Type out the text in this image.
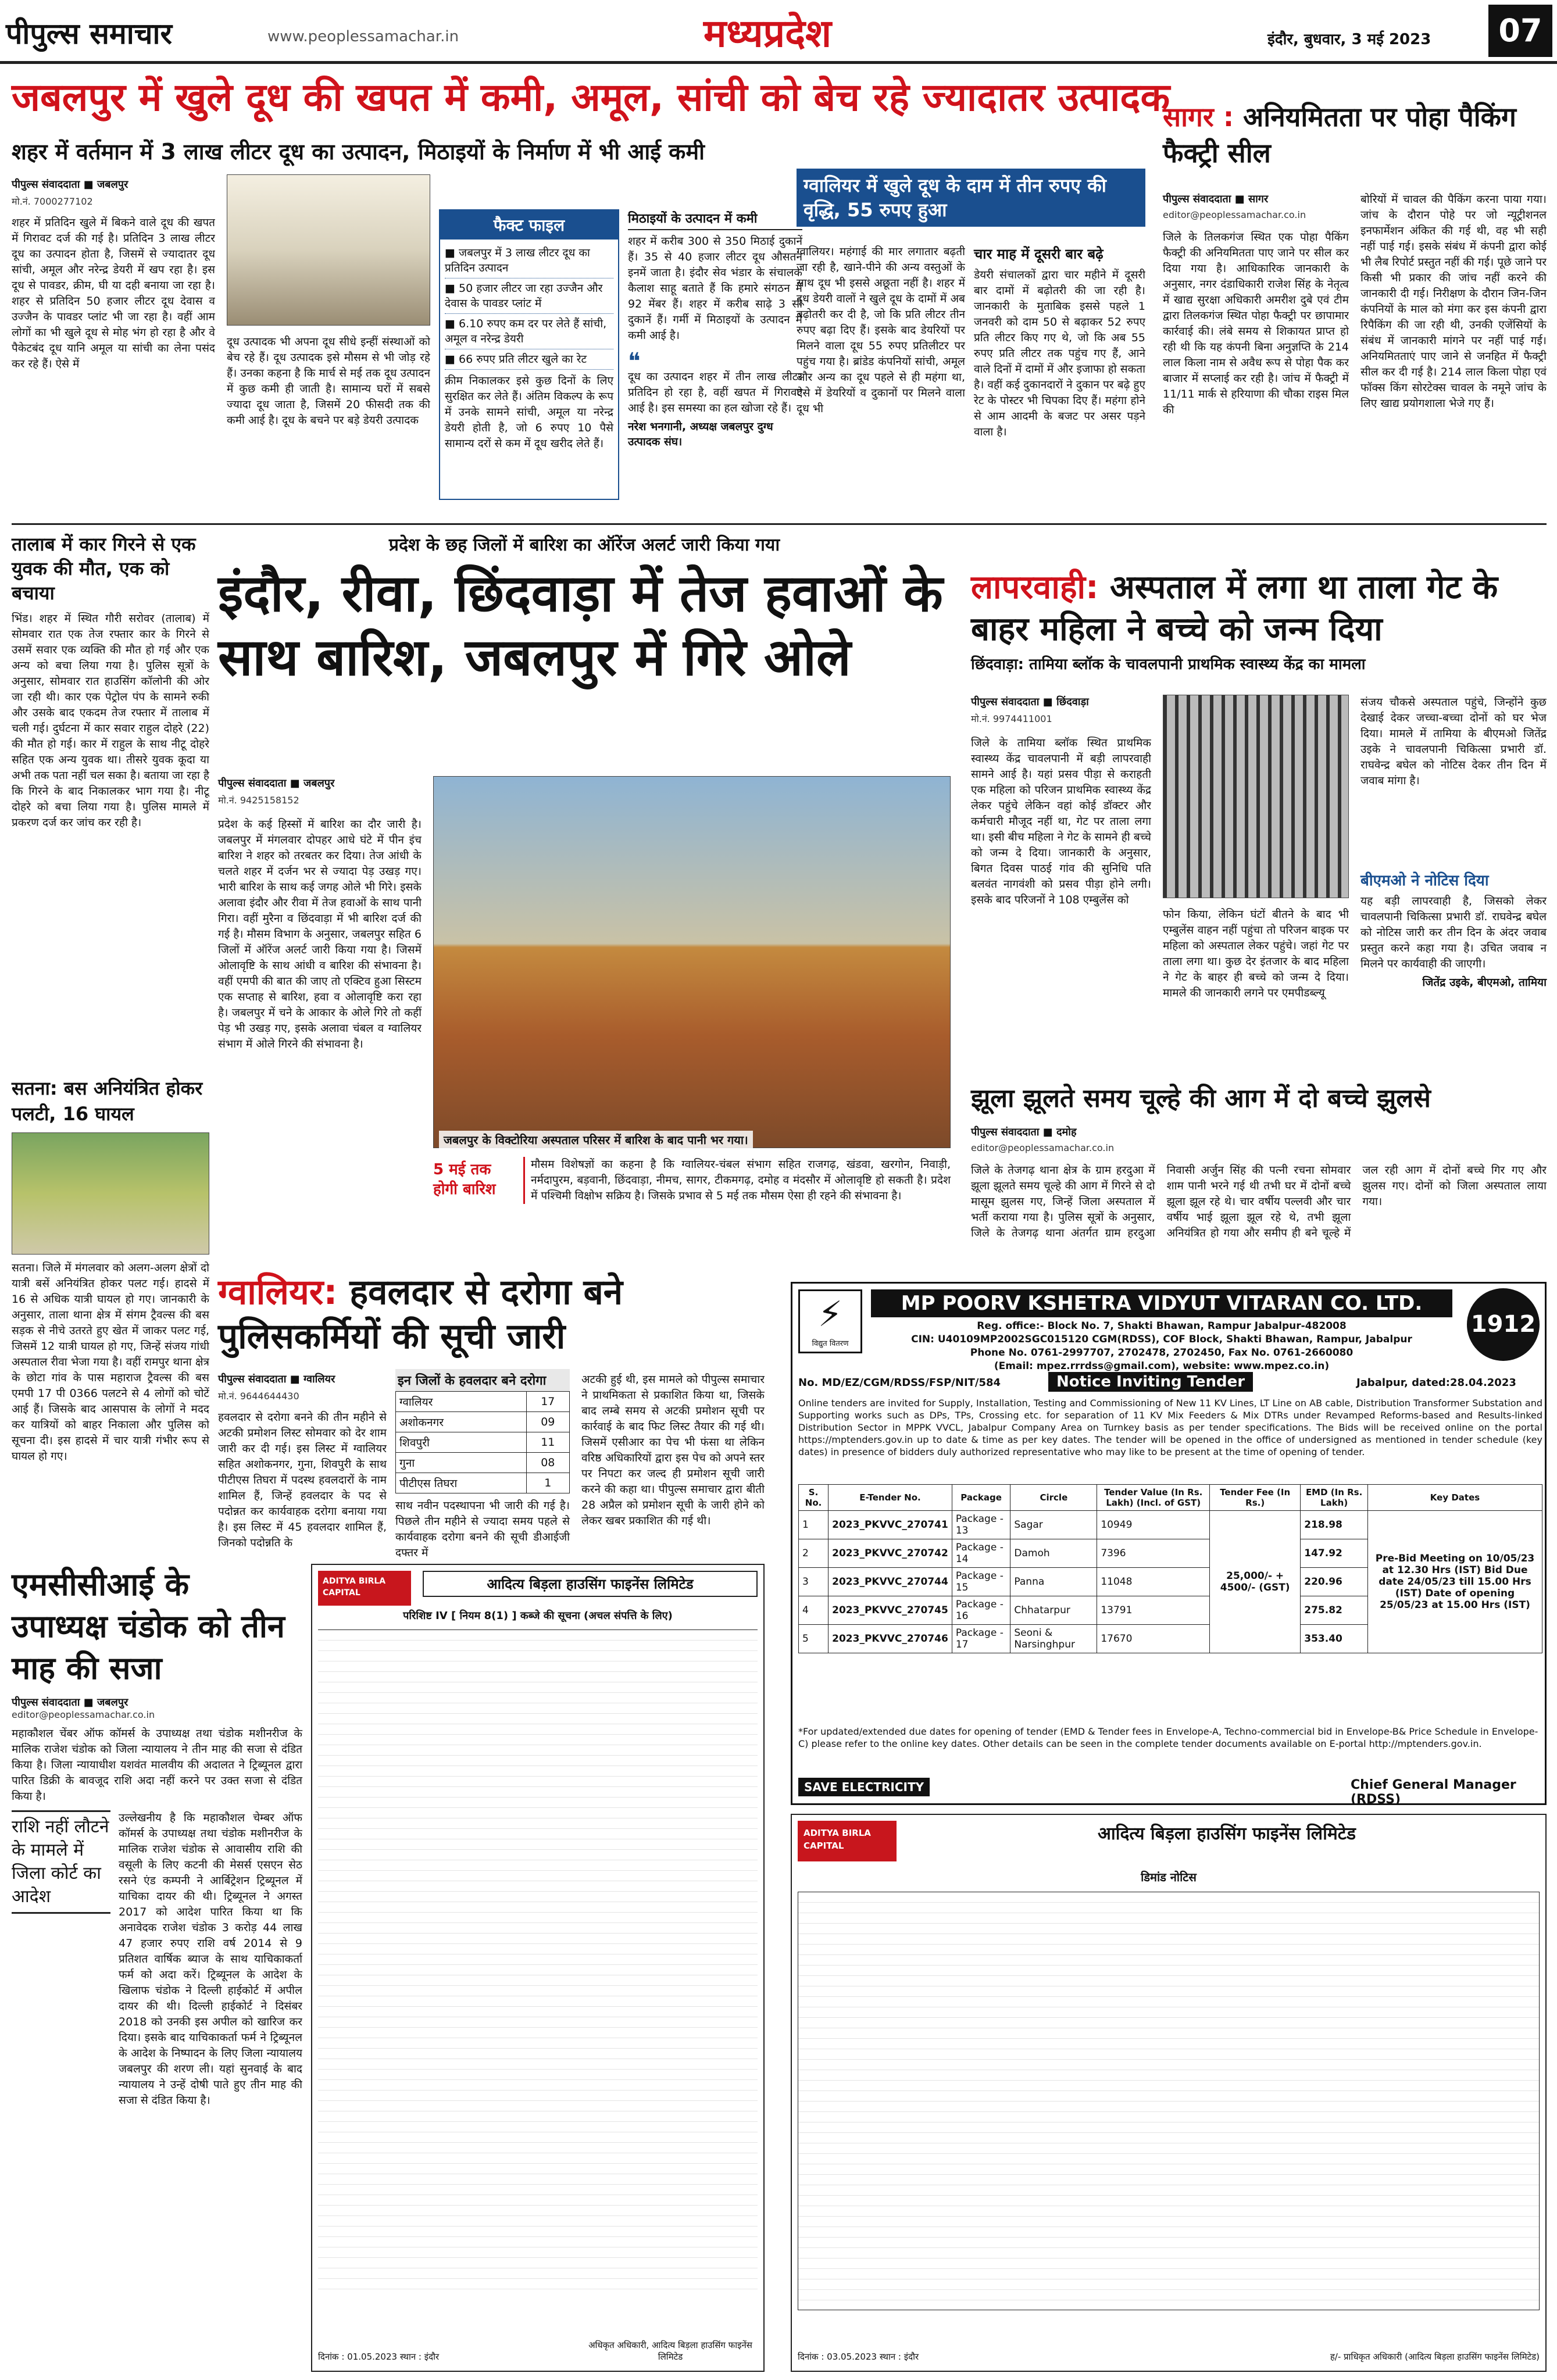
पीपुल्स समाचार	www.peoplessamachar.in	मध्यप्रदेश	इंदौर, बुधवार, 3 मई 2023	07
जबलपुर में खुले दूध की खपत में कमी, अमूल, सांची को बेच रहे ज्यादातर उत्पादक
शहर में वर्तमान में 3 लाख लीटर दूध का उत्पादन, मिठाइयों के निर्माण में भी आई कमी
पीपुल्स संवाददाता ■ जबलपुर
मो.नं. 7000277102
शहर में प्रतिदिन खुले में बिकने वाले दूध की खपत में गिरावट दर्ज की गई है। प्रतिदिन 3 लाख लीटर दूध का उत्पादन होता है, जिसमें से ज्यादातर दूध सांची, अमूल और नरेन्द्र डेयरी में खप रहा है। इस दूध से पावडर, क्रीम, घी या दही बनाया जा रहा है। शहर से प्रतिदिन 50 हजार लीटर दूध देवास व उज्जैन के पावडर प्लांट भी जा रहा है। वहीं आम लोगों का भी खुले दूध से मोह भंग हो रहा है और वे पैकेटबंद दूध यानि अमूल या सांची का लेना पसंद कर रहे हैं। ऐसे में
दूध उत्पादक भी अपना दूध सीधे इन्हीं संस्थाओं को बेच रहे हैं। दूध उत्पादक इसे मौसम से भी जोड़ रहे हैं। उनका कहना है कि मार्च से मई तक दूध उत्पादन में कुछ कमी ही जाती है। सामान्य घरों में सबसे ज्यादा दूध जाता है, जिसमें 20 फीसदी तक की कमी आई है। दूध के बचने पर बड़े डेयरी उत्पादक
फैक्ट फाइल
■ जबलपुर में 3 लाख लीटर दूध का प्रतिदिन उत्पादन
■ 50 हजार लीटर जा रहा उज्जैन और देवास के पावडर प्लांट में
■ 6.10 रुपए कम दर पर लेते हैं सांची, अमूल व नरेन्द्र डेयरी
■ 66 रुपए प्रति लीटर खुले का रेट
क्रीम निकालकर इसे कुछ दिनों के लिए सुरक्षित कर लेते हैं। अंतिम विकल्प के रूप में उनके सामने सांची, अमूल या नरेन्द्र डेयरी होती है, जो 6 रुपए 10 पैसे सामान्य दरों से कम में दूध खरीद लेते हैं।
मिठाइयों के उत्पादन में कमी
शहर में करीब 300 से 350 मिठाई दुकानें हैं। 35 से 40 हजार लीटर दूध औसतन इनमें जाता है। इंदौर सेव भंडार के संचालक कैलाश साहू बताते हैं कि हमारे संगठन में 92 मेंबर हैं। शहर में करीब साढ़े 3 सौ दुकानें हैं। गर्मी में मिठाइयों के उत्पादन में कमी आई है।
❝
दूध का उत्पादन शहर में तीन लाख लीटर प्रतिदिन हो रहा है, वहीं खपत में गिरावट आई है। इस समस्या का हल खोजा रहे हैं।
नरेश भनगानी, अध्यक्ष जबलपुर दुग्ध उत्पादक संघ।
ग्वालियर में खुले दूध के दाम में तीन रुपए की वृद्धि, 55 रुपए हुआ
ग्वालियर। महंगाई की मार लगातार बढ़ती जा रही है, खाने-पीने की अन्य वस्तुओं के साथ दूध भी इससे अछूता नहीं है। शहर में दूध डेयरी वालों ने खुले दूध के दामों में अब बढ़ोतरी कर दी है, जो कि प्रति लीटर तीन रुपए बढ़ा दिए हैं। इसके बाद डेयरियों पर मिलने वाला दूध 55 रुपए प्रतिलीटर पर पहुंच गया है। ब्रांडेड कंपनियों सांची, अमूल और अन्य का दूध पहले से ही महंगा था, ऐसे में डेयरियों व दुकानों पर मिलने वाला दूध भी
चार माह में दूसरी बार बढ़े
डेयरी संचालकों द्वारा चार महीने में दूसरी बार दामों में बढ़ोतरी की जा रही है। जानकारी के मुताबिक इससे पहले 1 जनवरी को दाम 50 से बढ़ाकर 52 रुपए प्रति लीटर किए गए थे, जो कि अब 55 रुपए प्रति लीटर तक पहुंच गए हैं, आने वाले दिनों में दामों में और इजाफा हो सकता है। वहीं कई दुकानदारों ने दुकान पर बढ़े हुए रेट के पोस्टर भी चिपका दिए हैं। महंगा होने से आम आदमी के बजट पर असर पड़ने वाला है।
सागर : अनियमितता पर पोहा पैकिंग फैक्ट्री सील
पीपुल्स संवाददाता ■ सागर
editor@peoplessamachar.co.in
जिले के तिलकगंज स्थित एक पोहा पैकिंग फैक्ट्री की अनियमितता पाए जाने पर सील कर दिया गया है। आधिकारिक जानकारी के अनुसार, नगर दंडाधिकारी राजेश सिंह के नेतृत्व में खाद्य सुरक्षा अधिकारी अमरीश दुबे एवं टीम द्वारा तिलकगंज स्थित पोहा फैक्ट्री पर छापामार कार्रवाई की। लंबे समय से शिकायत प्राप्त हो रही थी कि यह कंपनी बिना अनुज्ञप्ति के 214 लाल किला नाम से अवैध रूप से पोहा पैक कर बाजार में सप्लाई कर रही है। जांच में फैक्ट्री में 11/11 मार्क से हरियाणा की चौका राइस मिल की
बोरियों में चावल की पैकिंग करना पाया गया। जांच के दौरान पोहे पर जो न्यूट्रीशनल इनफार्मेशन अंकित की गई थी, वह भी सही नहीं पाई गई। इसके संबंध में कंपनी द्वारा कोई भी लैब रिपोर्ट प्रस्तुत नहीं की गई। पूछे जाने पर किसी भी प्रकार की जांच नहीं करने की जानकारी दी गई। निरीक्षण के दौरान जिन-जिन कंपनियों के माल को मंगा कर इस कंपनी द्वारा रिपैकिंग की जा रही थी, उनकी एजेंसियों के संबंध में जानकारी मांगने पर नहीं पाई गई। अनियमितताएं पाए जाने से जनहित में फैक्ट्री सील कर दी गई है। 214 लाल किला पोहा एवं फॉक्स किंग सोरटेक्स चावल के नमूने जांच के लिए खाद्य प्रयोगशाला भेजे गए हैं।
तालाब में कार गिरने से एक युवक की मौत, एक को बचाया
भिंड। शहर में स्थित गौरी सरोवर (तालाब) में सोमवार रात एक तेज रफ्तार कार के गिरने से उसमें सवार एक व्यक्ति की मौत हो गई और एक अन्य को बचा लिया गया है। पुलिस सूत्रों के अनुसार, सोमवार रात हाउसिंग कॉलोनी की ओर जा रही थी। कार एक पेट्रोल पंप के सामने रुकी और उसके बाद एकदम तेज रफ्तार में तालाब में चली गई। दुर्घटना में कार सवार राहुल दोहरे (22) की मौत हो गई। कार में राहुल के साथ नीटू दोहरे सहित एक अन्य युवक था। तीसरे युवक कूदा या अभी तक पता नहीं चल सका है। बताया जा रहा है कि गिरने के बाद निकालकर भाग गया है। नीटू दोहरे को बचा लिया गया है। पुलिस मामले में प्रकरण दर्ज कर जांच कर रही है।
सतना: बस अनियंत्रित होकर पलटी, 16 घायल
सतना। जिले में मंगलवार को अलग-अलग क्षेत्रों दो यात्री बसें अनियंत्रित होकर पलट गई। हादसे में 16 से अधिक यात्री घायल हो गए। जानकारी के अनुसार, ताला थाना क्षेत्र में संगम ट्रैवल्स की बस सड़क से नीचे उतरते हुए खेत में जाकर पलट गई, जिसमें 12 यात्री घायल हो गए, जिन्हें संजय गांधी अस्पताल रीवा भेजा गया है। वहीं रामपुर थाना क्षेत्र के छोटा गांव के पास महाराज ट्रैवल्स की बस एमपी 17 पी 0366 पलटने से 4 लोगों को चोटें आई हैं। जिसके बाद आसपास के लोगों ने मदद कर यात्रियों को बाहर निकाला और पुलिस को सूचना दी। इस हादसे में चार यात्री गंभीर रूप से घायल हो गए।
प्रदेश के छह जिलों में बारिश का ऑरेंज अलर्ट जारी किया गया
इंदौर, रीवा, छिंदवाड़ा में तेज हवाओं के साथ बारिश, जबलपुर में गिरे ओले
पीपुल्स संवाददाता ■ जबलपुर
मो.नं. 9425158152
प्रदेश के कई हिस्सों में बारिश का दौर जारी है। जबलपुर में मंगलवार दोपहर आधे घंटे में पीन इंच बारिश ने शहर को तरबतर कर दिया। तेज आंधी के चलते शहर में दर्जन भर से ज्यादा पेड़ उखड़ गए। भारी बारिश के साथ कई जगह ओले भी गिरे। इसके अलावा इंदौर और रीवा में तेज हवाओं के साथ पानी गिरा। वहीं मुरैना व छिंदवाड़ा में भी बारिश दर्ज की गई है। मौसम विभाग के अनुसार, जबलपुर सहित 6 जिलों में ऑरेंज अलर्ट जारी किया गया है। जिसमें ओलावृष्टि के साथ आंधी व बारिश की संभावना है। वहीं एमपी की बात की जाए तो एक्टिव हुआ सिस्टम एक सप्ताह से बारिश, हवा व ओलावृष्टि करा रहा है। जबलपुर में चने के आकार के ओले गिरे तो कहीं पेड़ भी उखड़ गए, इसके अलावा चंबल व ग्वालियर संभाग में ओले गिरने की संभावना है।
जबलपुर के विक्टोरिया अस्पताल परिसर में बारिश के बाद पानी भर गया।
5 मई तक होगी बारिश
मौसम विशेषज्ञों का कहना है कि ग्वालियर-चंबल संभाग सहित राजगढ़, खंडवा, खरगोन, निवाड़ी, नर्मदापुरम, बड़वानी, छिंदवाड़ा, नीमच, सागर, टीकमगढ़, दमोह व मंदसौर में ओलावृष्टि हो सकती है। प्रदेश में पश्चिमी विक्षोभ सक्रिय है। जिसके प्रभाव से 5 मई तक मौसम ऐसा ही रहने की संभावना है।
लापरवाही: अस्पताल में लगा था ताला गेट के बाहर महिला ने बच्चे को जन्म दिया
छिंदवाड़ा: तामिया ब्लॉक के चावलपानी प्राथमिक स्वास्थ्य केंद्र का मामला
पीपुल्स संवाददाता ■ छिंदवाड़ा
मो.नं. 9974411001
जिले के तामिया ब्लॉक स्थित प्राथमिक स्वास्थ्य केंद्र चावलपानी में बड़ी लापरवाही सामने आई है। यहां प्रसव पीड़ा से कराहती एक महिला को परिजन प्राथमिक स्वास्थ्य केंद्र लेकर पहुंचे लेकिन वहां कोई डॉक्टर और कर्मचारी मौजूद नहीं था, गेट पर ताला लगा था। इसी बीच महिला ने गेट के सामने ही बच्चे को जन्म दे दिया। जानकारी के अनुसार, बिगत दिवस पाठई गांव की सुनिधि पति बलवंत नागवंशी को प्रसव पीड़ा होने लगी। इसके बाद परिजनों ने 108 एम्बुलेंस को
फोन किया, लेकिन घंटों बीतने के बाद भी एम्बुलेंस वाहन नहीं पहुंचा तो परिजन बाइक पर महिला को अस्पताल लेकर पहुंचे। जहां गेट पर ताला लगा था। कुछ देर इंतजार के बाद महिला ने गेट के बाहर ही बच्चे को जन्म दे दिया। मामले की जानकारी लगने पर एमपीडब्ल्यू
संजय चौकसे अस्पताल पहुंचे, जिन्होंने कुछ देखाई देकर जच्चा-बच्चा दोनों को घर भेज दिया। मामले में तामिया के बीएमओ जितेंद्र उइके ने चावलपानी चिकित्सा प्रभारी डॉ. राघवेन्द्र बघेल को नोटिस देकर तीन दिन में जवाब मांगा है।
बीएमओ ने नोटिस दिया
यह बड़ी लापरवाही है, जिसको लेकर चावलपानी चिकित्सा प्रभारी डॉ. राघवेन्द्र बघेल को नोटिस जारी कर तीन दिन के अंदर जवाब प्रस्तुत करने कहा गया है। उचित जवाब न मिलने पर कार्यवाही की जाएगी।
जितेंद्र उइके, बीएमओ, तामिया
झूला झूलते समय चूल्हे की आग में दो बच्चे झुलसे
पीपुल्स संवाददाता ■ दमोह
editor@peoplessamachar.co.in
जिले के तेजगढ़ थाना क्षेत्र के ग्राम हरदुआ में झूला झूलते समय चूल्हे की आग में गिरने से दो मासूम झुलस गए, जिन्हें जिला अस्पताल में भर्ती कराया गया है। पुलिस सूत्रों के अनुसार, जिले के तेजगढ़ थाना अंतर्गत ग्राम हरदुआ निवासी अर्जुन सिंह की पत्नी रचना सोमवार शाम पानी भरने गई थी तभी घर में दोनों बच्चे झूला झूल रहे थे। चार वर्षीय पल्लवी और चार वर्षीय भाई झूला झूल रहे थे, तभी झूला अनियंत्रित हो गया और समीप ही बने चूल्हे में जल रही आग में दोनों बच्चे गिर गए और झुलस गए। दोनों को जिला अस्पताल लाया गया।
ग्वालियर: हवलदार से दरोगा बने पुलिसकर्मियों की सूची जारी
पीपुल्स संवाददाता ■ ग्वालियर
मो.नं. 9644644430
हवलदार से दरोगा बनने की तीन महीने से अटकी प्रमोशन लिस्ट सोमवार को देर शाम जारी कर दी गई। इस लिस्ट में ग्वालियर सहित अशोकनगर, गुना, शिवपुरी के साथ पीटीएस तिघरा में पदस्थ हवलदारों के नाम शामिल हैं, जिन्हें हवलदार के पद से पदोन्नत कर कार्यवाहक दरोगा बनाया गया है। इस लिस्ट में 45 हवलदार शामिल हैं, जिनको पदोन्नति के
इन जिलों के हवलदार बने दरोगा
ग्वालियर	17
अशोकनगर	09
शिवपुरी	11
गुना	08
पीटीएस तिघरा	1
साथ नवीन पदस्थापना भी जारी की गई है। पिछले तीन महीने से ज्यादा समय पहले से कार्यवाहक दरोगा बनने की सूची डीआईजी दफ्तर में
अटकी हुई थी, इस मामले को पीपुल्स समाचार ने प्राथमिकता से प्रकाशित किया था, जिसके बाद लम्बे समय से अटकी प्रमोशन सूची पर कार्रवाई के बाद फिट लिस्ट तैयार की गई थी। जिसमें एसीआर का पेच भी फंसा था लेकिन वरिष्ठ अधिकारियों द्वारा इस पेच को अपने स्तर पर निपटा कर जल्द ही प्रमोशन सूची जारी करने की कहा था। पीपुल्स समाचार द्वारा बीती 28 अप्रैल को प्रमोशन सूची के जारी होने को लेकर खबर प्रकाशित की गई थी।
एमसीसीआई के उपाध्यक्ष चंडोक को तीन माह की सजा
पीपुल्स संवाददाता ■ जबलपुर
editor@peoplessamachar.co.in
महाकौशल चेंबर ऑफ कॉमर्स के उपाध्यक्ष तथा चंडोक मशीनरीज के मालिक राजेश चंडोक को जिला न्यायालय ने तीन माह की सजा से दंडित किया है। जिला न्यायाधीश यशवंत मालवीय की अदालत ने ट्रिब्यूनल द्वारा पारित डिक्री के बावजूद राशि अदा नहीं करने पर उक्त सजा से दंडित किया है।
राशि नहीं लौटने के मामले में जिला कोर्ट का आदेश
उल्लेखनीय है कि महाकौशल चेम्बर ऑफ कॉमर्स के उपाध्यक्ष तथा चंडोक मशीनरीज के मालिक राजेश चंडोक से आवासीय राशि की वसूली के लिए कटनी की मेसर्स एसएन सेठ रसने एंड कम्पनी ने आर्बिट्रेशन ट्रिब्यूनल में याचिका दायर की थी। ट्रिब्यूनल ने अगस्त 2017 को आदेश पारित किया था कि अनावेदक राजेश चंडोक 3 करोड़ 44 लाख 47 हजार रुपए राशि वर्ष 2014 से 9 प्रतिशत वार्षिक ब्याज के साथ याचिकाकर्ता फर्म को अदा करें। ट्रिब्यूनल के आदेश के खिलाफ चंडोक ने दिल्ली हाईकोर्ट में अपील दायर की थी। दिल्ली हाईकोर्ट ने दिसंबर 2018 को उनकी इस अपील को खारिज कर दिया। इसके बाद याचिकाकर्ता फर्म ने ट्रिब्यूनल के आदेश के निष्पादन के लिए जिला न्यायालय जबलपुर की शरण ली। यहां सुनवाई के बाद न्यायालय ने उन्हें दोषी पाते हुए तीन माह की सजा से दंडित किया है।
ADITYA BIRLA CAPITAL
आदित्य बिड़ला हाउसिंग फाइनेंस लिमिटेड
परिशिष्ट IV [ नियम 8(1) ] कब्जे की सूचना (अचल संपत्ति के लिए)
दिनांक : 01.05.2023 स्थान : इंदौर
अधिकृत अधिकारी, आदित्य बिड़ला हाउसिंग फाइनेंस लिमिटेड
⚡
विद्युत वितरण
MP POORV KSHETRA VIDYUT VITARAN CO. LTD.
Reg. office:- Block No. 7, Shakti Bhawan, Rampur Jabalpur-482008
CIN: U40109MP2002SGC015120 CGM(RDSS), COF Block, Shakti Bhawan, Rampur, Jabalpur
Phone No. 0761-2997707, 2702478, 2702450, Fax No. 0761-2660080
(Email: mpez.rrrdss@gmail.com), website: www.mpez.co.in)
1912
No. MD/EZ/CGM/RDSS/FSP/NIT/584	Notice Inviting Tender	Jabalpur, dated:28.04.2023
Online tenders are invited for Supply, Installation, Testing and Commissioning of New 11 KV Lines, LT Line on AB cable, Distribution Transformer Substation and Supporting works such as DPs, TPs, Crossing etc. for separation of 11 KV Mix Feeders & Mix DTRs under Revamped Reforms-based and Results-linked Distribution Sector in MPPK VVCL, Jabalpur Company Area on Turnkey basis as per tender specifications. The Bids will be received online on the portal https://mptenders.gov.in up to date & time as per key dates. The tender will be opened in the office of undersigned as mentioned in tender schedule (key dates) in presence of bidders duly authorized representative who may like to be present at the time of opening of tender.
S. No.	E-Tender No.	Package	Circle	Tender Value (In Rs. Lakh) (Incl. of GST)	Tender Fee (In Rs.)	EMD (In Rs. Lakh)	Key Dates
1	2023_PKVVC_270741	Package - 13	Sagar	10949	25,000/- + 4500/- (GST)	218.98	Pre-Bid Meeting on 10/05/23 at 12.30 Hrs (IST) Bid Due date 24/05/23 till 15.00 Hrs (IST) Date of opening 25/05/23 at 15.00 Hrs (IST)
2	2023_PKVVC_270742	Package - 14	Damoh	7396		147.92	
3	2023_PKVVC_270744	Package - 15	Panna	11048		220.96	
4	2023_PKVVC_270745	Package - 16	Chhatarpur	13791		275.82	
5	2023_PKVVC_270746	Package - 17	Seoni & Narsinghpur	17670		353.40	
*For updated/extended due dates for opening of tender (EMD & Tender fees in Envelope-A, Techno-commercial bid in Envelope-B& Price Schedule in Envelope-C) please refer to the online key dates. Other details can be seen in the complete tender documents available on E-portal http://mptenders.gov.in.
SAVE ELECTRICITY	Chief General Manager (RDSS)
ADITYA BIRLA CAPITAL
आदित्य बिड़ला हाउसिंग फाइनेंस लिमिटेड
डिमांड नोटिस
दिनांक : 03.05.2023 स्थान : इंदौर	ह/- प्राधिकृत अधिकारी (आदित्य बिड़ला हाउसिंग फाइनेंस लिमिटेड)
